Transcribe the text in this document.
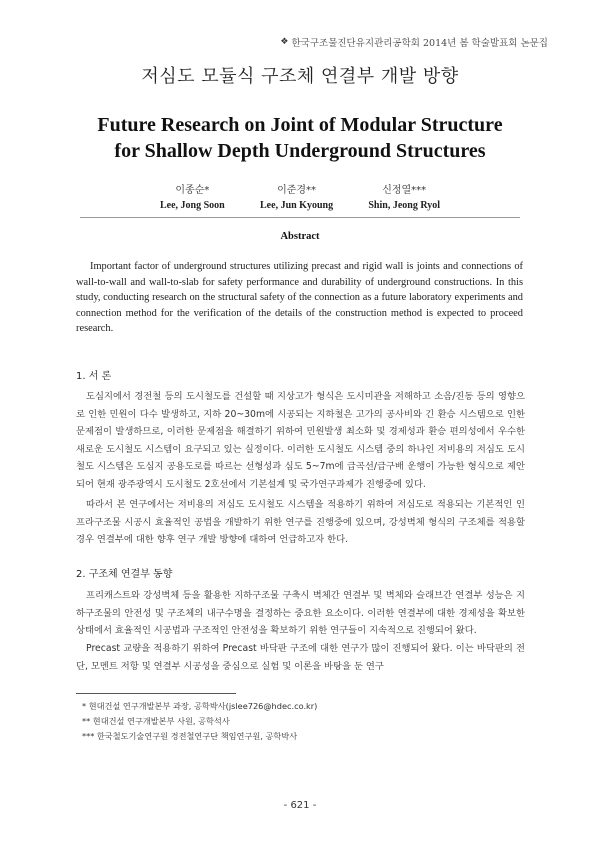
❖ 한국구조물진단유지관리공학회 2014년 봄 학술발표회 논문집
저심도 모듈식 구조체 연결부 개발 방향
Future Research on Joint of Modular Structure
for Shallow Depth Underground Structures
이종순*
Lee, Jong Soon
이준경**
Lee, Jun Kyoung
신정열***
Shin, Jeong Ryol
Abstract
Important factor of underground structures utilizing precast and rigid wall is joints and connections of wall-to-wall and wall-to-slab for safety performance and durability of underground constructions. In this study, conducting research on the structural safety of the connection as a future laboratory experiments and connection method for the verification of the details of the construction method is expected to proceed research.
1. 서 론
도심지에서 경전철 등의 도시철도를 건설할 때 지상고가 형식은 도시미관을 저해하고 소음/진동 등의 영향으로 인한 민원이 다수 발생하고, 지하 20~30m에 시공되는 지하철은 고가의 공사비와 긴 환승 시스템으로 인한 문제점이 발생하므로, 이러한 문제점을 해결하기 위하여 민원발생 최소화 및 경제성과 환승 편의성에서 우수한 새로운 도시철도 시스템이 요구되고 있는 실정이다. 이러한 도시철도 시스템 중의 하나인 저비용의 저심도 도시철도 시스템은 도심지 공용도로를 따르는 선형성과 심도 5~7m에 급곡선/급구배 운행이 가능한 형식으로 제안되어 현재 광주광역시 도시철도 2호선에서 기본설계 및 국가연구과제가 진행중에 있다.
따라서 본 연구에서는 저비용의 저심도 도시철도 시스템을 적용하기 위하여 저심도로 적용되는 기본적인 인프라구조물 시공시 효율적인 공법을 개발하기 위한 연구를 진행중에 있으며, 강성벽체 형식의 구조체를 적용할 경우 연결부에 대한 향후 연구 개발 방향에 대하여 언급하고자 한다.
2. 구조체 연결부 동향
프리캐스트와 강성벽체 등을 활용한 지하구조물 구축시 벽체간 연결부 및 벽체와 슬래브간 연결부 성능은 지하구조물의 안전성 및 구조체의 내구수명을 결정하는 중요한 요소이다. 이러한 연결부에 대한 경제성을 확보한 상태에서 효율적인 시공법과 구조적인 안전성을 확보하기 위한 연구들이 지속적으로 진행되어 왔다.
Precast 교량을 적용하기 위하여 Precast 바닥판 구조에 대한 연구가 많이 진행되어 왔다. 이는 바닥판의 전단, 모멘트 저항 및 연결부 시공성을 중심으로 실험 및 이론을 바탕을 둔 연구
* 현대건설 연구개발본부 과장, 공학박사(jslee726@hdec.co.kr)
** 현대건설 연구개발본부 사원, 공학석사
*** 한국철도기술연구원 경전철연구단 책임연구원, 공학박사
- 621 -
